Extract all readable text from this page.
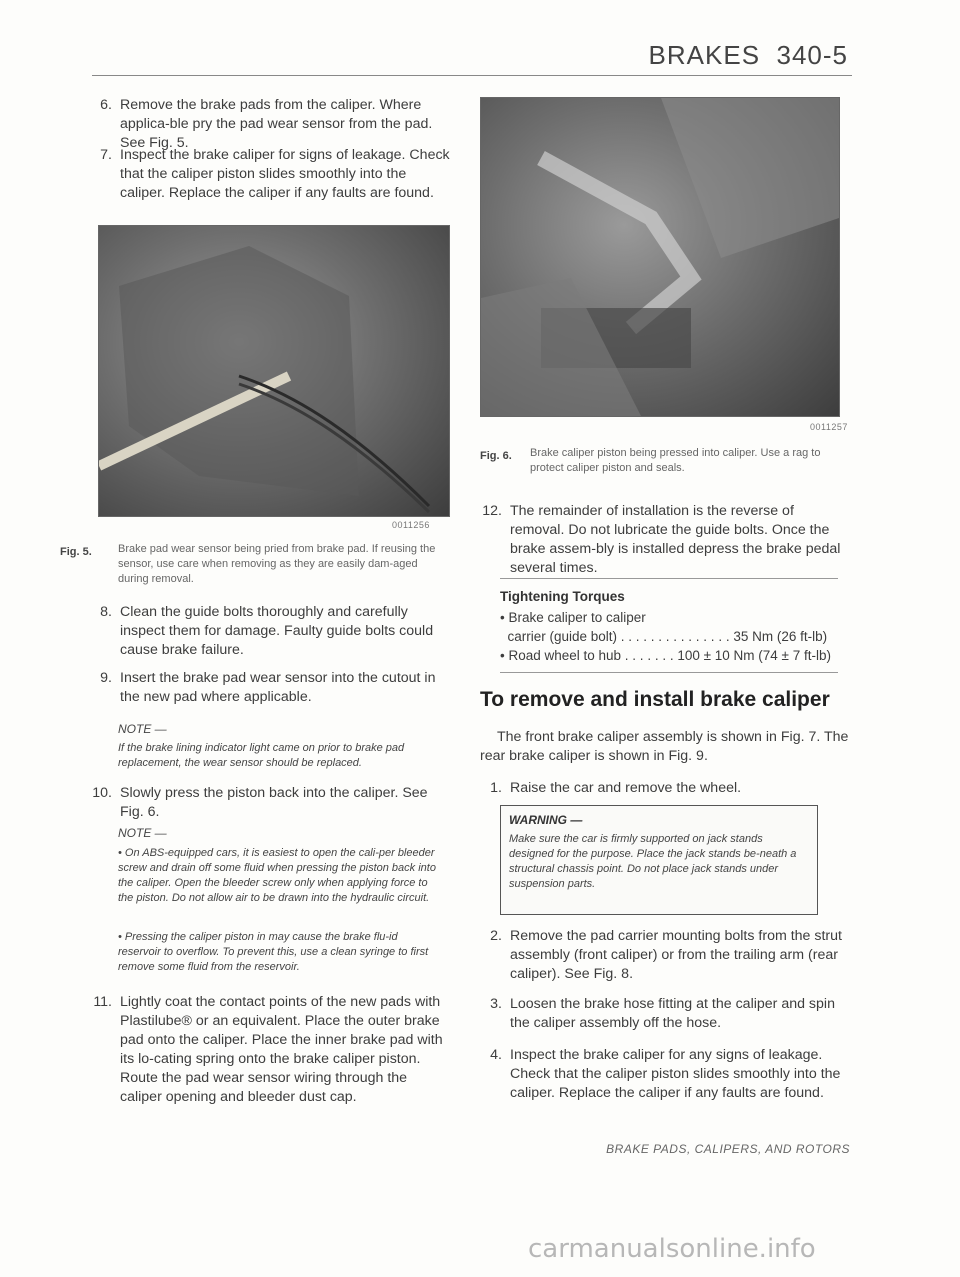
BRAKES 340-5
6. Remove the brake pads from the caliper. Where applica-ble pry the pad wear sensor from the pad. See Fig. 5.
7. Inspect the brake caliper for signs of leakage. Check that the caliper piston slides smoothly into the caliper. Replace the caliper if any faults are found.
0011256
Fig. 5. Brake pad wear sensor being pried from brake pad. If reusing the sensor, use care when removing as they are easily dam-aged during removal.
8. Clean the guide bolts thoroughly and carefully inspect them for damage. Faulty guide bolts could cause brake failure.
9. Insert the brake pad wear sensor into the cutout in the new pad where applicable.
NOTE —
If the brake lining indicator light came on prior to brake pad replacement, the wear sensor should be replaced.
10. Slowly press the piston back into the caliper. See Fig. 6.
NOTE —
• On ABS-equipped cars, it is easiest to open the cali-per bleeder screw and drain off some fluid when pressing the piston back into the caliper. Open the bleeder screw only when applying force to the piston. Do not allow air to be drawn into the hydraulic circuit.
• Pressing the caliper piston in may cause the brake flu-id reservoir to overflow. To prevent this, use a clean syringe to first remove some fluid from the reservoir.
11. Lightly coat the contact points of the new pads with Plastilube® or an equivalent. Place the outer brake pad onto the caliper. Place the inner brake pad with its lo-cating spring onto the brake caliper piston. Route the pad wear sensor wiring through the caliper opening and bleeder dust cap.
0011257
Fig. 6. Brake caliper piston being pressed into caliper. Use a rag to protect caliper piston and seals.
12. The remainder of installation is the reverse of removal. Do not lubricate the guide bolts. Once the brake assem-bly is installed depress the brake pedal several times.
Tightening Torques
• Brake caliper to caliper
carrier (guide bolt) . . . . . . . . . . . . . . . 35 Nm (26 ft-lb)
• Road wheel to hub . . . . . . . 100 ± 10 Nm (74 ± 7 ft-lb)
To remove and install brake caliper
The front brake caliper assembly is shown in Fig. 7. The rear brake caliper is shown in Fig. 9.
1. Raise the car and remove the wheel.
WARNING —
Make sure the car is firmly supported on jack stands designed for the purpose. Place the jack stands be-neath a structural chassis point. Do not place jack stands under suspension parts.
2. Remove the pad carrier mounting bolts from the strut assembly (front caliper) or from the trailing arm (rear caliper). See Fig. 8.
3. Loosen the brake hose fitting at the caliper and spin the caliper assembly off the hose.
4. Inspect the brake caliper for any signs of leakage. Check that the caliper piston slides smoothly into the caliper. Replace the caliper if any faults are found.
BRAKE PADS, CALIPERS, AND ROTORS
carmanualsonline.info
